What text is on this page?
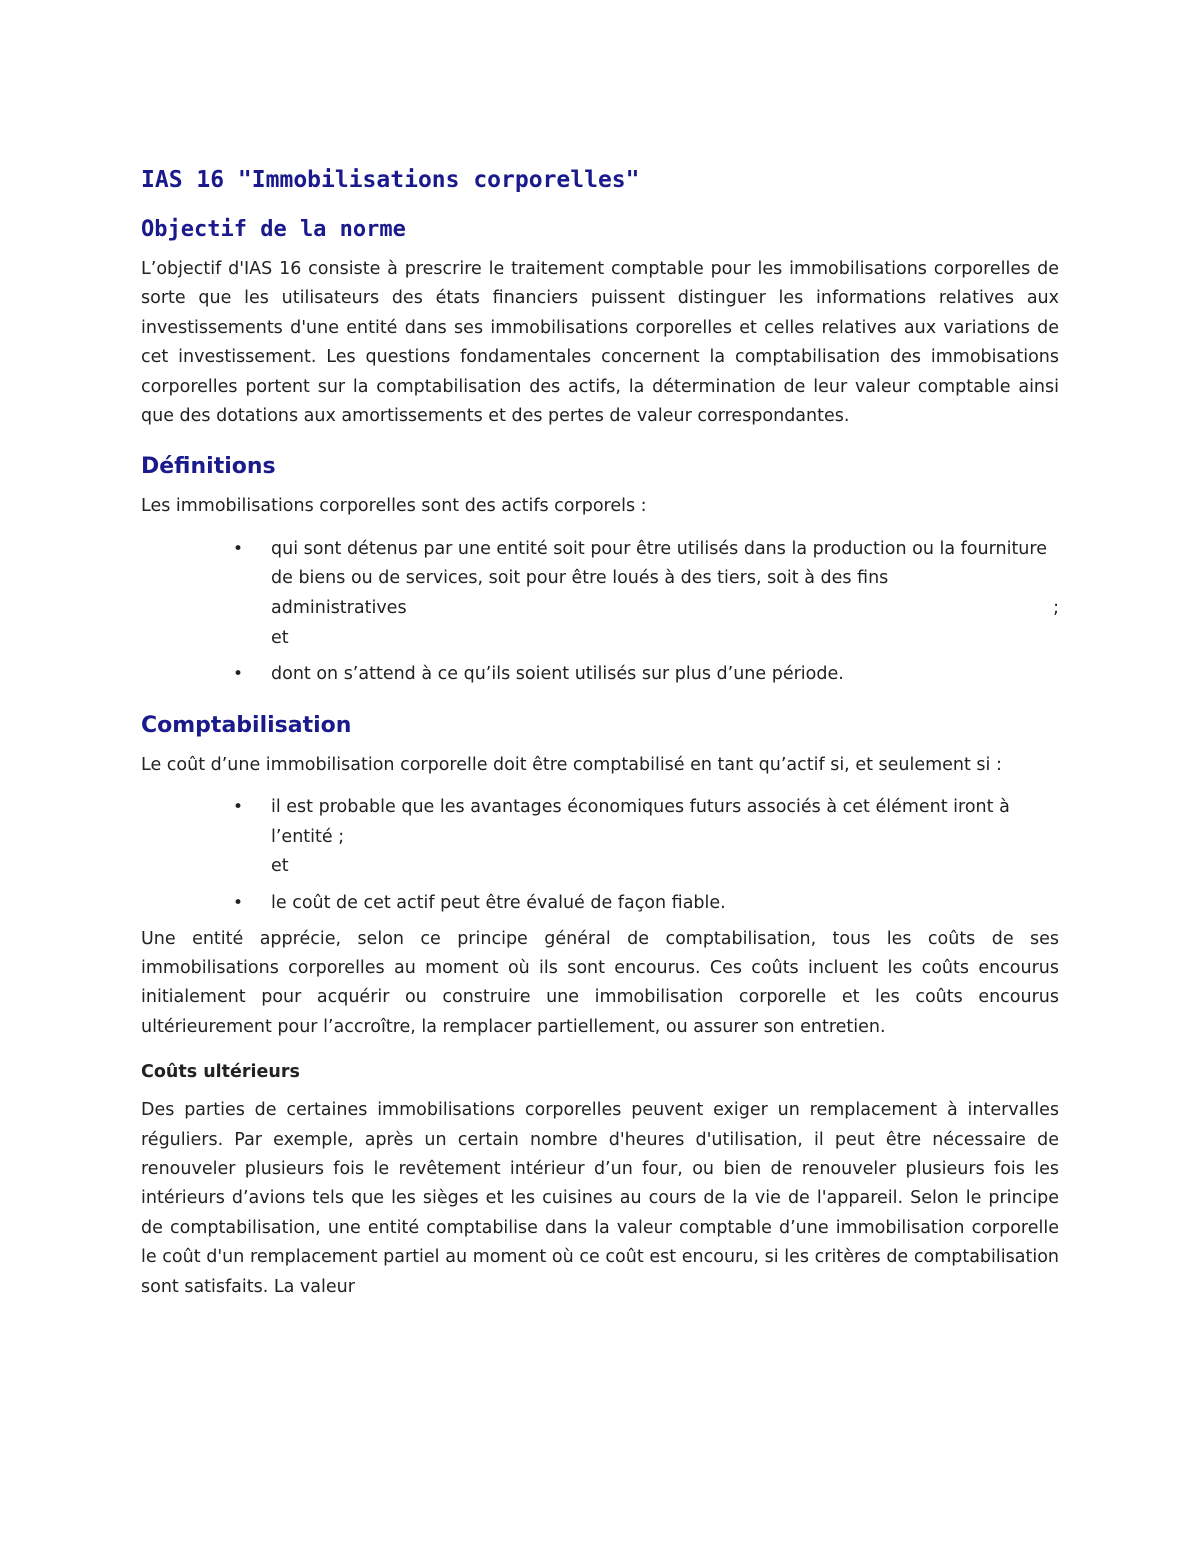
IAS 16 "Immobilisations corporelles"
Objectif de la norme

L’objectif d'IAS 16 consiste à prescrire le traitement comptable pour les immobilisations corporelles de sorte que les utilisateurs des états financiers puissent distinguer les informations relatives aux investissements d'une entité dans ses immobilisations corporelles et celles relatives aux variations de cet investissement. Les questions fondamentales concernent la comptabilisation des immobisations corporelles portent sur la comptabilisation des actifs, la détermination de leur valeur comptable ainsi que des dotations aux amortissements et des pertes de valeur correspondantes.

Définitions

Les immobilisations corporelles sont des actifs corporels :

• qui sont détenus par une entité soit pour être utilisés dans la production ou la fourniture de biens ou de services, soit pour être loués à des tiers, soit à des fins
administratives	;
et
• dont on s’attend à ce qu’ils soient utilisés sur plus d’une période.
Comptabilisation

Le coût d’une immobilisation corporelle doit être comptabilisé en tant qu’actif si, et seulement si :

• il est probable que les avantages économiques futurs associés à cet élément iront à l’entité ;
et
• le coût de cet actif peut être évalué de façon fiable.

Une entité apprécie, selon ce principe général de comptabilisation, tous les coûts de ses immobilisations corporelles au moment où ils sont encourus. Ces coûts incluent les coûts encourus initialement pour acquérir ou construire une immobilisation corporelle et les coûts encourus ultérieurement pour l’accroître, la remplacer partiellement, ou assurer son entretien.

Coûts ultérieurs

Des parties de certaines immobilisations corporelles peuvent exiger un remplacement à intervalles réguliers. Par exemple, après un certain nombre d'heures d'utilisation, il peut être nécessaire de renouveler plusieurs fois le revêtement intérieur d’un four, ou bien de renouveler plusieurs fois les intérieurs d’avions tels que les sièges et les cuisines au cours de la vie de l'appareil. Selon le principe de comptabilisation, une entité comptabilise dans la valeur comptable d’une immobilisation corporelle le coût d'un remplacement partiel au moment où ce coût est encouru, si les critères de comptabilisation sont satisfaits. La valeur
